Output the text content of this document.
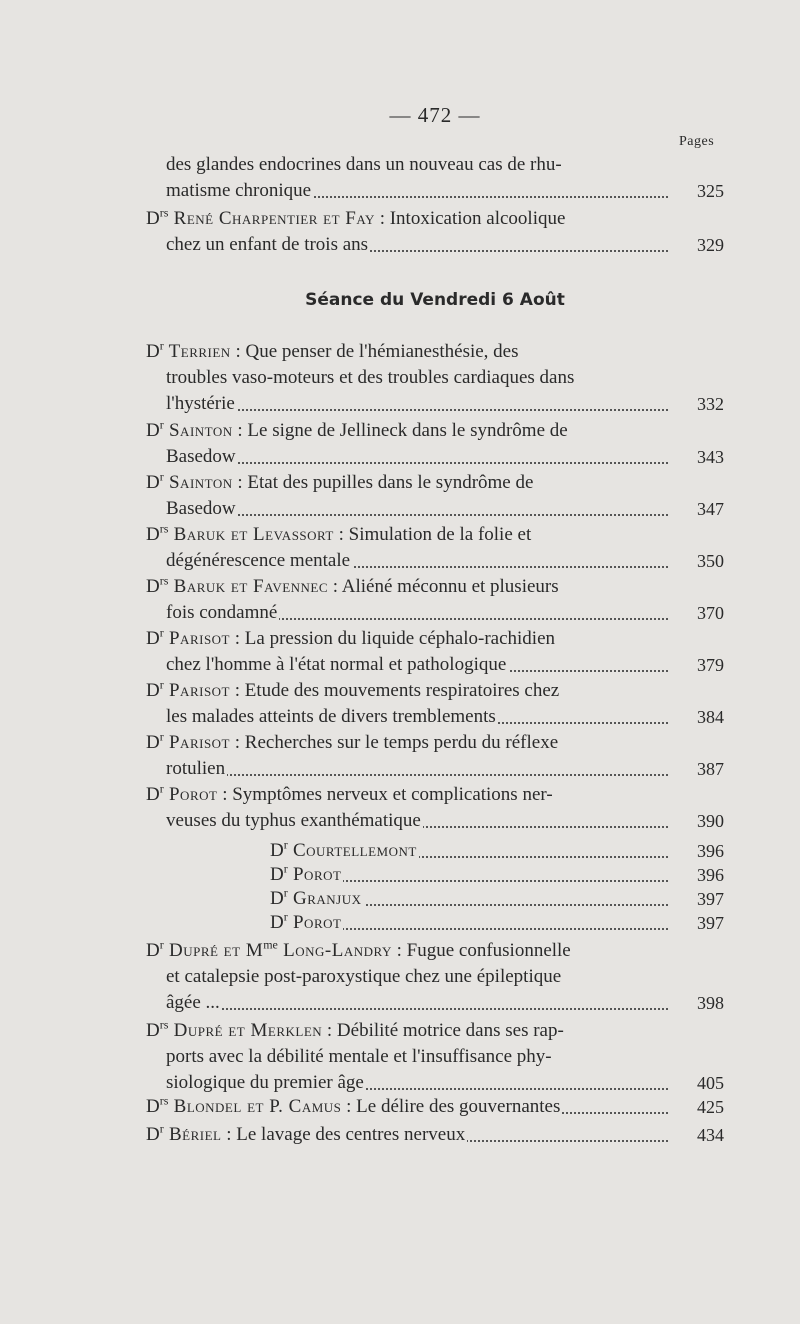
— 472 —
Pages
Séance du Vendredi 6 Août
des glandes endocrines dans un nouveau cas de rhu-
matisme chronique	325
$D^{rs}$ René Charpentier et Fay : Intoxication alcoolique
chez un enfant de trois ans	329
$D^r$ Terrien : Que penser de l'hémianesthésie, des
troubles vaso-moteurs et des troubles cardiaques dans
l'hystérie	332
$D^r$ Sainton : Le signe de Jellineck dans le syndrôme de
Basedow	343
$D^r$ Sainton : Etat des pupilles dans le syndrôme de
Basedow	347
$D^{rs}$ Baruk et Levassort : Simulation de la folie et
dégénérescence mentale	350
$D^{rs}$ Baruk et Favennec : Aliéné méconnu et plusieurs
fois condamné	370
$D^r$ Parisot : La pression du liquide céphalo-rachidien
chez l'homme à l'état normal et pathologique	379
$D^r$ Parisot : Etude des mouvements respiratoires chez
les malades atteints de divers tremblements	384
$D^r$ Parisot : Recherches sur le temps perdu du réflexe
rotulien	387
$D^r$ Porot : Symptômes nerveux et complications ner-
veuses du typhus exanthématique	390
$D^r$ Courtellemont	396
$D^r$ Porot	396
$D^r$ Granjux	397
$D^r$ Porot	397
$D^r$ Dupré et $M^{me}$ Long-Landry : Fugue confusionnelle
et catalepsie post-paroxystique chez une épileptique
âgée ...	398
$D^{rs}$ Dupré et Merklen : Débilité motrice dans ses rap-
ports avec la débilité mentale et l'insuffisance phy-
siologique du premier âge	405
$D^{rs}$ Blondel et P. Camus : Le délire des gouvernantes	425
$D^r$ Bériel : Le lavage des centres nerveux	434
